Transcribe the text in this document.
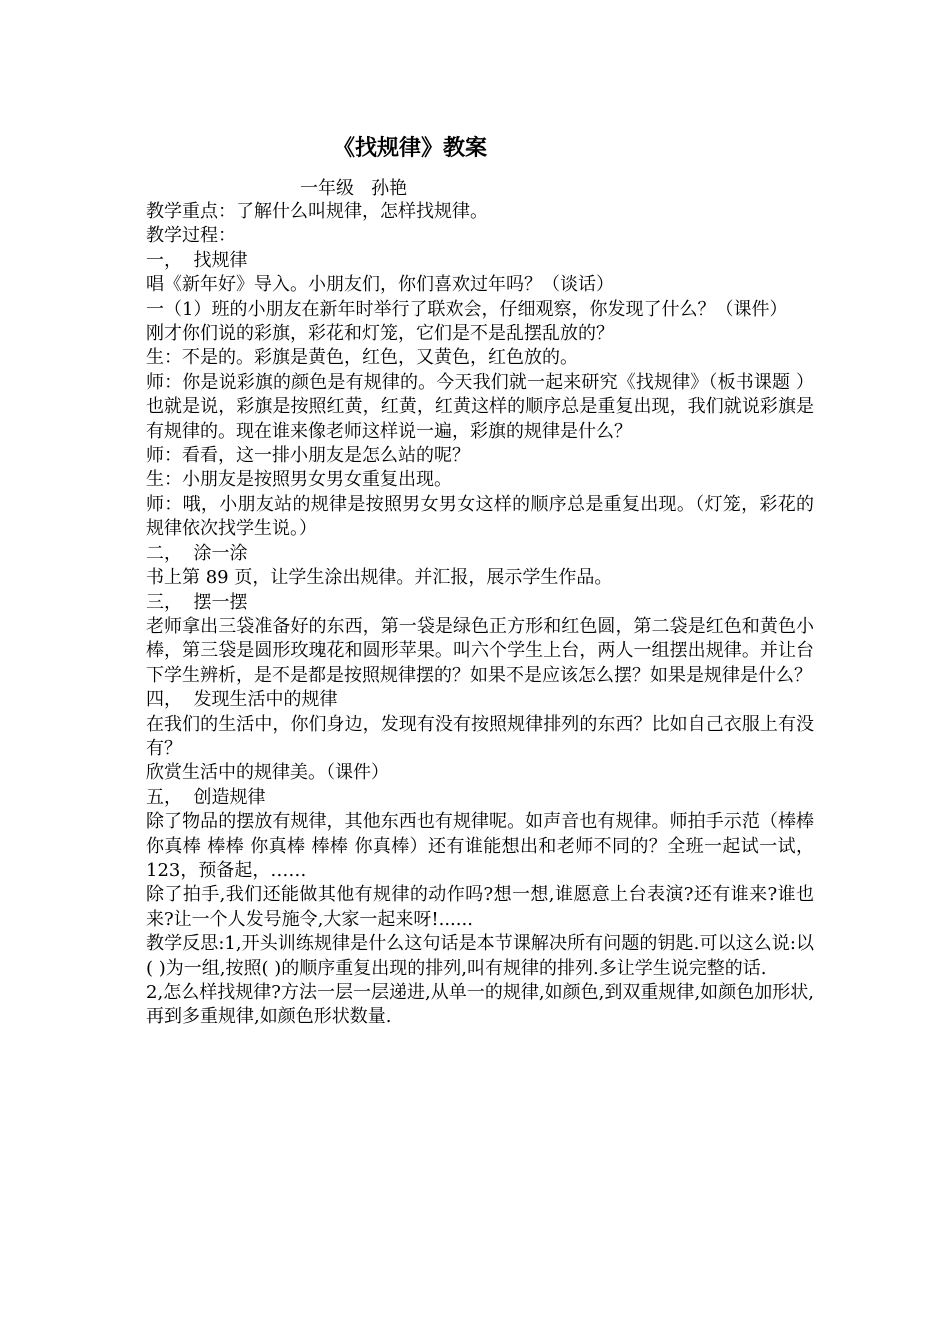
《找规律》教案
一年级   孙艳

教学重点：了解什么叫规律，怎样找规律。

教学过程：

一，  找规律

唱《新年好》导入。小朋友们，你们喜欢过年吗？（谈话）

一（1）班的小朋友在新年时举行了联欢会，仔细观察，你发现了什么？（课件）

刚才你们说的彩旗，彩花和灯笼，它们是不是乱摆乱放的？

生：不是的。彩旗是黄色，红色，又黄色，红色放的。

师：你是说彩旗的颜色是有规律的。今天我们就一起来研究《找规律》（板书课题 ）也就是说，彩旗是按照红黄，红黄，红黄这样的顺序总是重复出现，我们就说彩旗是有规律的。现在谁来像老师这样说一遍，彩旗的规律是什么？

师：看看，这一排小朋友是怎么站的呢？

生：小朋友是按照男女男女重复出现。

师：哦，小朋友站的规律是按照男女男女这样的顺序总是重复出现。（灯笼，彩花的规律依次找学生说。）

二，  涂一涂

书上第 89 页，让学生涂出规律。并汇报，展示学生作品。

三，  摆一摆

老师拿出三袋准备好的东西，第一袋是绿色正方形和红色圆，第二袋是红色和黄色小棒，第三袋是圆形玫瑰花和圆形苹果。叫六个学生上台，两人一组摆出规律。并让台下学生辨析，是不是都是按照规律摆的？如果不是应该怎么摆？如果是规律是什么？

四，  发现生活中的规律

在我们的生活中，你们身边，发现有没有按照规律排列的东西？比如自己衣服上有没有？

欣赏生活中的规律美。（课件）

五，  创造规律

除了物品的摆放有规律，其他东西也有规律呢。如声音也有规律。师拍手示范（棒棒 你真棒 棒棒 你真棒 棒棒 你真棒）还有谁能想出和老师不同的？全班一起试一试，123，预备起，……

除了拍手,我们还能做其他有规律的动作吗?想一想,谁愿意上台表演?还有谁来?谁也来?让一个人发号施令,大家一起来呀!......

教学反思:1,开头训练规律是什么这句话是本节课解决所有问题的钥匙.可以这么说:以( )为一组,按照( )的顺序重复出现的排列,叫有规律的排列.多让学生说完整的话.

2,怎么样找规律?方法一层一层递进,从单一的规律,如颜色,到双重规律,如颜色加形状,再到多重规律,如颜色形状数量.
